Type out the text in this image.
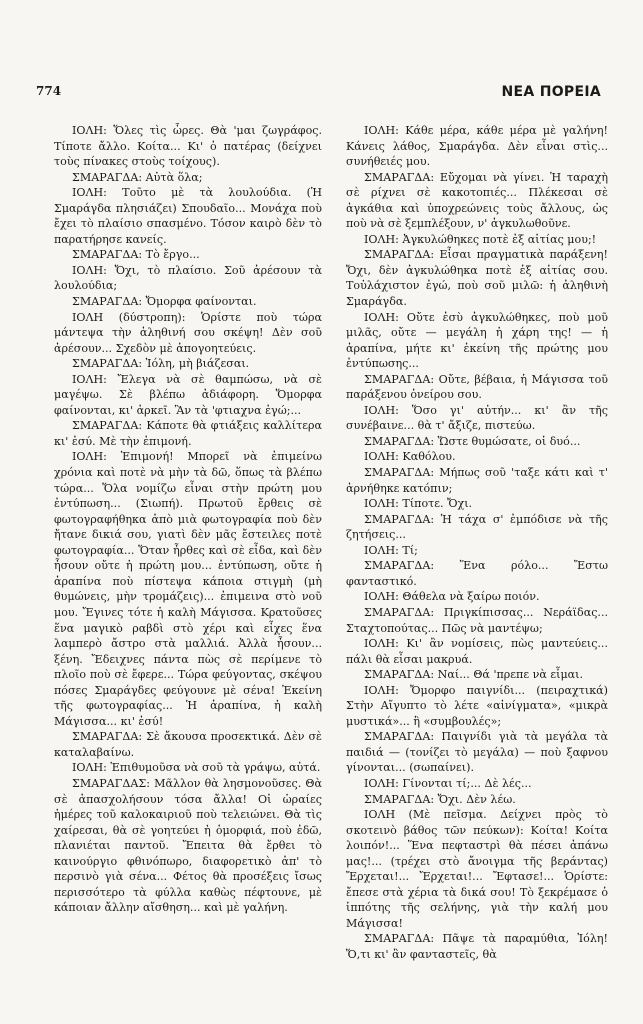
774	ΝΕΑ ΠΟΡΕΙΑ

ΙΟΛΗ: Ὅλες τὶς ὧρες. Θὰ 'μαι ζωγράφος. Τίποτε ἄλλο. Κοίτα... Κι' ὁ πατέρας (δείχνει τοὺς πίνακες στοὺς τοίχους).

ΣΜΑΡΑΓΔΑ: Αὐτὰ ὅλα;

ΙΟΛΗ: Τοῦτο μὲ τὰ λουλούδια. (Ἡ Σμαράγδα πλησιάζει) Σπουδαῖο... Μονάχα ποὺ ἔχει τὸ πλαίσιο σπασμένο. Τόσον καιρὸ δὲν τὸ παρατήρησε κανείς.

ΣΜΑΡΑΓΔΑ: Τὸ ἔργο...

ΙΟΛΗ: Ὄχι, τὸ πλαίσιο. Σοῦ ἀρέσουν τὰ λουλούδια;

ΣΜΑΡΑΓΔΑ: Ὄμορφα φαίνονται.

ΙΟΛΗ (δύστροπη): Ὁρίστε ποὺ τώρα μάντεψα τὴν ἀληθινή σου σκέψη! Δὲν σοῦ ἀρέσουν... Σχεδὸν μὲ ἀπογοητεύεις.

ΣΜΑΡΑΓΔΑ: Ἰόλη, μὴ βιάζεσαι.

ΙΟΛΗ: Ἔλεγα νὰ σὲ θαμπώσω, νὰ σὲ μαγέψω. Σὲ βλέπω ἀδιάφορη. Ὅμορφα φαίνονται, κι' ἀρκεῖ. Ἂν τὰ 'φτιαχνα ἐγώ;...

ΣΜΑΡΑΓΔΑ: Κάποτε θὰ φτιάξεις καλλίτερα κι' ἐσύ. Μὲ τὴν ἐπιμονή.

ΙΟΛΗ: Ἐπιμονή! Μπορεῖ νὰ ἐπιμείνω χρόνια καὶ ποτὲ νὰ μὴν τὰ δῶ, ὅπως τὰ βλέπω τώρα... Ὅλα νομίζω εἶναι στὴν πρώτη μου ἐντύπωση... (Σιωπή). Πρωτοῦ ἔρθεις σὲ φωτογραφήθηκα ἀπὸ μιὰ φωτογραφία ποὺ δὲν ἤτανε δικιά σου, γιατὶ δὲν μᾶς ἔστειλες ποτὲ φωτογραφία... Ὅταν ἦρθες καὶ σὲ εἶδα, καὶ δὲν ἦσουν οὔτε ἡ πρώτη μου... ἐντύπωση, οὔτε ἡ ἀραπίνα ποὺ πίστεψα κάποια στιγμὴ (μὴ θυμώνεις, μὴν τρομάζεις)... ἐπιμεινα στὸ νοῦ μου. Ἔγινες τότε ἡ καλὴ Μάγισσα. Κρατοῦσες ἕνα μαγικὸ ραβδὶ στὸ χέρι καὶ εἶχες ἕνα λαμπερὸ ἄστρο στὰ μαλλιά. Ἀλλὰ ἦσουν... ξένη. Ἔδειχνες πάντα πὼς σὲ περίμενε τὸ πλοῖο ποὺ σὲ ἔφερε... Τώρα φεύγοντας, σκέψου πόσες Σμαράγδες φεύγουνε μὲ σένα! Ἐκείνη τῆς φωτογραφίας... Ἡ ἀραπίνα, ἡ καλὴ Μάγισσα... κι' ἐσύ!

ΣΜΑΡΑΓΔΑ: Σὲ ἄκουσα προσεκτικά. Δὲν σὲ καταλαβαίνω.

ΙΟΛΗ: Ἐπιθυμοῦσα νὰ σοῦ τὰ γράψω, αὐτά.

ΣΜΑΡΑΓΔΑΣ: Μᾶλλον θὰ λησμονοῦσες. Θὰ σὲ ἀπασχολήσουν τόσα ἄλλα! Οἱ ὡραίες ἡμέρες τοῦ καλοκαιριοῦ ποὺ τελειώνει. Θὰ τὶς χαίρεσαι, θὰ σὲ γοητεύει ἡ ὁμορφιά, ποὺ ἐδῶ, πλανιέται παντοῦ. Ἔπειτα θὰ ἔρθει τὸ καινούργιο φθινόπωρο, διαφορετικὸ ἀπ' τὸ περσινὸ γιὰ σένα... Φέτος θὰ προσέξεις ἴσως περισσότερο τὰ φύλλα καθὼς πέφτουνε, μὲ κάποιαν ἄλλην αἴσθηση... καὶ μὲ γαλήνη.

ΙΟΛΗ: Κάθε μέρα, κάθε μέρα μὲ γαλήνη! Κάνεις λάθος, Σμαράγδα. Δὲν εἶναι στὶς... συνήθειές μου.

ΣΜΑΡΑΓΔΑ: Εὔχομαι νὰ γίνει. Ἡ ταραχὴ σὲ ρίχνει σὲ κακοτοπιές... Πλέκεσαι σὲ ἀγκάθια καὶ ὑποχρεώνεις τοὺς ἄλλους, ὡς ποὺ νὰ σὲ ξεμπλέξουν, ν' ἀγκυλωθοῦνε.

ΙΟΛΗ: Ἀγκυλώθηκες ποτὲ ἐξ αἰτίας μου;!

ΣΜΑΡΑΓΔΑ: Εἶσαι πραγματικὰ παράξενη! Ὄχι, δὲν ἀγκυλώθηκα ποτὲ ἐξ αἰτίας σου. Τοὐλάχιστον ἐγώ, ποὺ σοῦ μιλῶ: ἡ ἀληθινὴ Σμαράγδα.

ΙΟΛΗ: Οὔτε ἐσὺ ἀγκυλώθηκες, ποὺ μοῦ μιλᾶς, οὔτε — μεγάλη ἡ χάρη της! — ἡ ἀραπίνα, μήτε κι' ἐκείνη τῆς πρώτης μου ἐντύπωσης...

ΣΜΑΡΑΓΔΑ: Οὔτε, βέβαια, ἡ Μάγισσα τοῦ παράξενου ὀνείρου σου.

ΙΟΛΗ: Ὅσο γι' αὐτήν... κι' ἂν τῆς συνέβαινε... θὰ τ' ἄξιζε, πιστεύω.

ΣΜΑΡΑΓΔΑ: Ὥστε θυμώσατε, οἱ δυό...

ΙΟΛΗ: Καθόλου.

ΣΜΑΡΑΓΔΑ: Μήπως σοῦ 'ταξε κάτι καὶ τ' ἀρνήθηκε κατόπιν;

ΙΟΛΗ: Τίποτε. Ὄχι.

ΣΜΑΡΑΓΔΑ: Ἡ τάχα σ' ἐμπόδισε νὰ τῆς ζητήσεις...

ΙΟΛΗ: Τί;

ΣΜΑΡΑΓΔΑ: Ἕνα ρόλο... Ἔστω φανταστικό.

ΙΟΛΗ: Θάθελα νὰ ξαίρω ποιόν.

ΣΜΑΡΑΓΔΑ: Πριγκίπισσας... Νεράϊδας... Σταχτοπούτας... Πῶς νὰ μαντέψω;

ΙΟΛΗ: Κι' ἂν νομίσεις, πὼς μαντεύεις... πάλι θὰ εἶσαι μακρυά.

ΣΜΑΡΑΓΔΑ: Ναί... Θά 'πρεπε νὰ εἶμαι.

ΙΟΛΗ: Ὄμορφο παιγνίδι... (πειραχτικά) Στὴν Αἴγυπτο τὸ λέτε «αἰνίγματα», «μικρὰ μυστικά»... ἢ «συμβουλές»;

ΣΜΑΡΑΓΔΑ: Παιγνίδι γιὰ τὰ μεγάλα τὰ παιδιά — (τονίζει τὸ μεγάλα) — ποὺ ξαφνου γίνονται... (σωπαίνει).

ΙΟΛΗ: Γίνονται τί;... Δὲ λές...

ΣΜΑΡΑΓΔΑ: Ὄχι. Δὲν λέω.

ΙΟΛΗ (Μὲ πεῖσμα. Δείχνει πρὸς τὸ σκοτεινὸ βάθος τῶν πεύκων): Κοίτα! Κοίτα λοιπόν!... Ἕνα πεφταστρὶ θὰ πέσει ἀπάνω μας!... (τρέχει στὸ ἄνοιγμα τῆς βεράντας) Ἔρχεται!... Ἔρχεται!... Ἔφτασε!... Ὁρίστε: ἔπεσε στὰ χέρια τὰ δικά σου! Τὸ ξεκρέμασε ὁ ἱππότης τῆς σελήνης, γιὰ τὴν καλή μου Μάγισσα!

ΣΜΑΡΑΓΔΑ: Πᾶψε τὰ παραμύθια, Ἰόλη! Ὅ,τι κι' ἂν φανταστεῖς, θὰ
